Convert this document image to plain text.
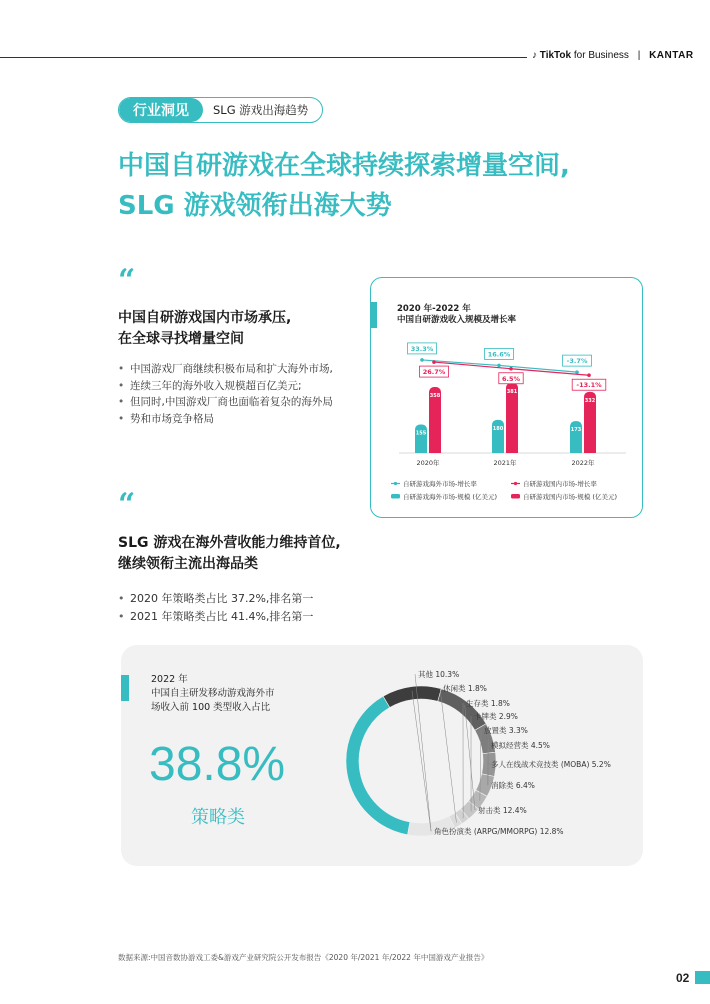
♪ TikTok for Business | KANTAR
行业洞见	SLG 游戏出海趋势
中国自研游戏在全球持续探索增量空间,
SLG 游戏领衔出海大势
“
中国自研游戏国内市场承压,
在全球寻找增量空间
• 中国游戏厂商继续积极布局和扩大海外市场,
• 连续三年的海外收入规模超百亿美元;
• 但同时,中国游戏厂商也面临着复杂的海外局
• 势和市场竞争格局
2020 年-2022 年
中国自研游戏收入规模及增长率
155
358
2020年
180
381
2021年
173
332
2022年
33.3%
16.6%
-3.7%
26.7%
6.5%
-13.1%
自研游戏海外市场-增长率	自研游戏国内市场-增长率
自研游戏海外市场-规模 (亿美元)	自研游戏国内市场-规模 (亿美元)
“
SLG 游戏在海外营收能力维持首位,
继续领衔主流出海品类
• 2020 年策略类占比 37.2%,排名第一
• 2021 年策略类占比 41.4%,排名第一
2022 年
中国自主研发移动游戏海外市
场收入前 100 类型收入占比
38.8%
策略类
角色扮演类 (ARPG/MMORPG) 12.8%
射击类 12.4%
消除类 6.4%
多人在线战术竞技类 (MOBA) 5.2%
模拟经营类 4.5%
放置类 3.3%
卡牌类 2.9%
生存类 1.8%
休闲类 1.8%
其他 10.3%
数据来源:中国音数协游戏工委&游戏产业研究院公开发布报告《2020 年/2021 年/2022 年中国游戏产业报告》
02
